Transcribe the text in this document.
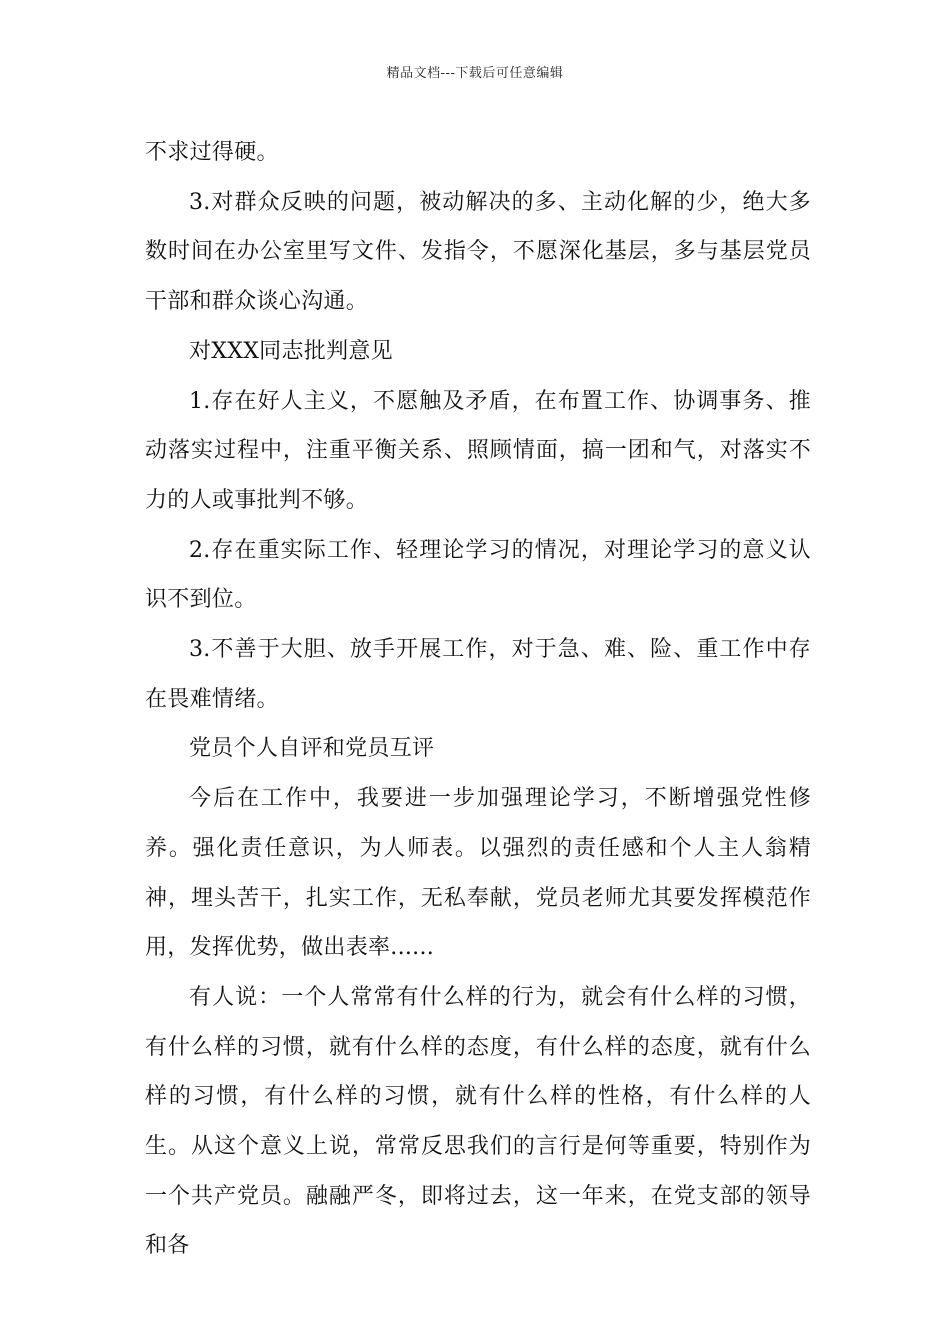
精品文档---下载后可任意编辑

不求过得硬。

3.对群众反映的问题，被动解决的多、主动化解的少，绝大多数时间在办公室里写文件、发指令，不愿深化基层，多与基层党员干部和群众谈心沟通。

对XXX同志批判意见

1.存在好人主义，不愿触及矛盾，在布置工作、协调事务、推动落实过程中，注重平衡关系、照顾情面，搞一团和气，对落实不力的人或事批判不够。

2.存在重实际工作、轻理论学习的情况，对理论学习的意义认识不到位。

3.不善于大胆、放手开展工作，对于急、难、险、重工作中存在畏难情绪。

党员个人自评和党员互评

今后在工作中，我要进一步加强理论学习，不断增强党性修养。强化责任意识，为人师表。以强烈的责任感和个人主人翁精神，埋头苦干，扎实工作，无私奉献，党员老师尤其要发挥模范作用，发挥优势，做出表率......

有人说：一个人常常有什么样的行为，就会有什么样的习惯，有什么样的习惯，就有什么样的态度，有什么样的态度，就有什么样的习惯，有什么样的习惯，就有什么样的性格，有什么样的人生。从这个意义上说，常常反思我们的言行是何等重要，特别作为一个共产党员。融融严冬，即将过去，这一年来，在党支部的领导和各
